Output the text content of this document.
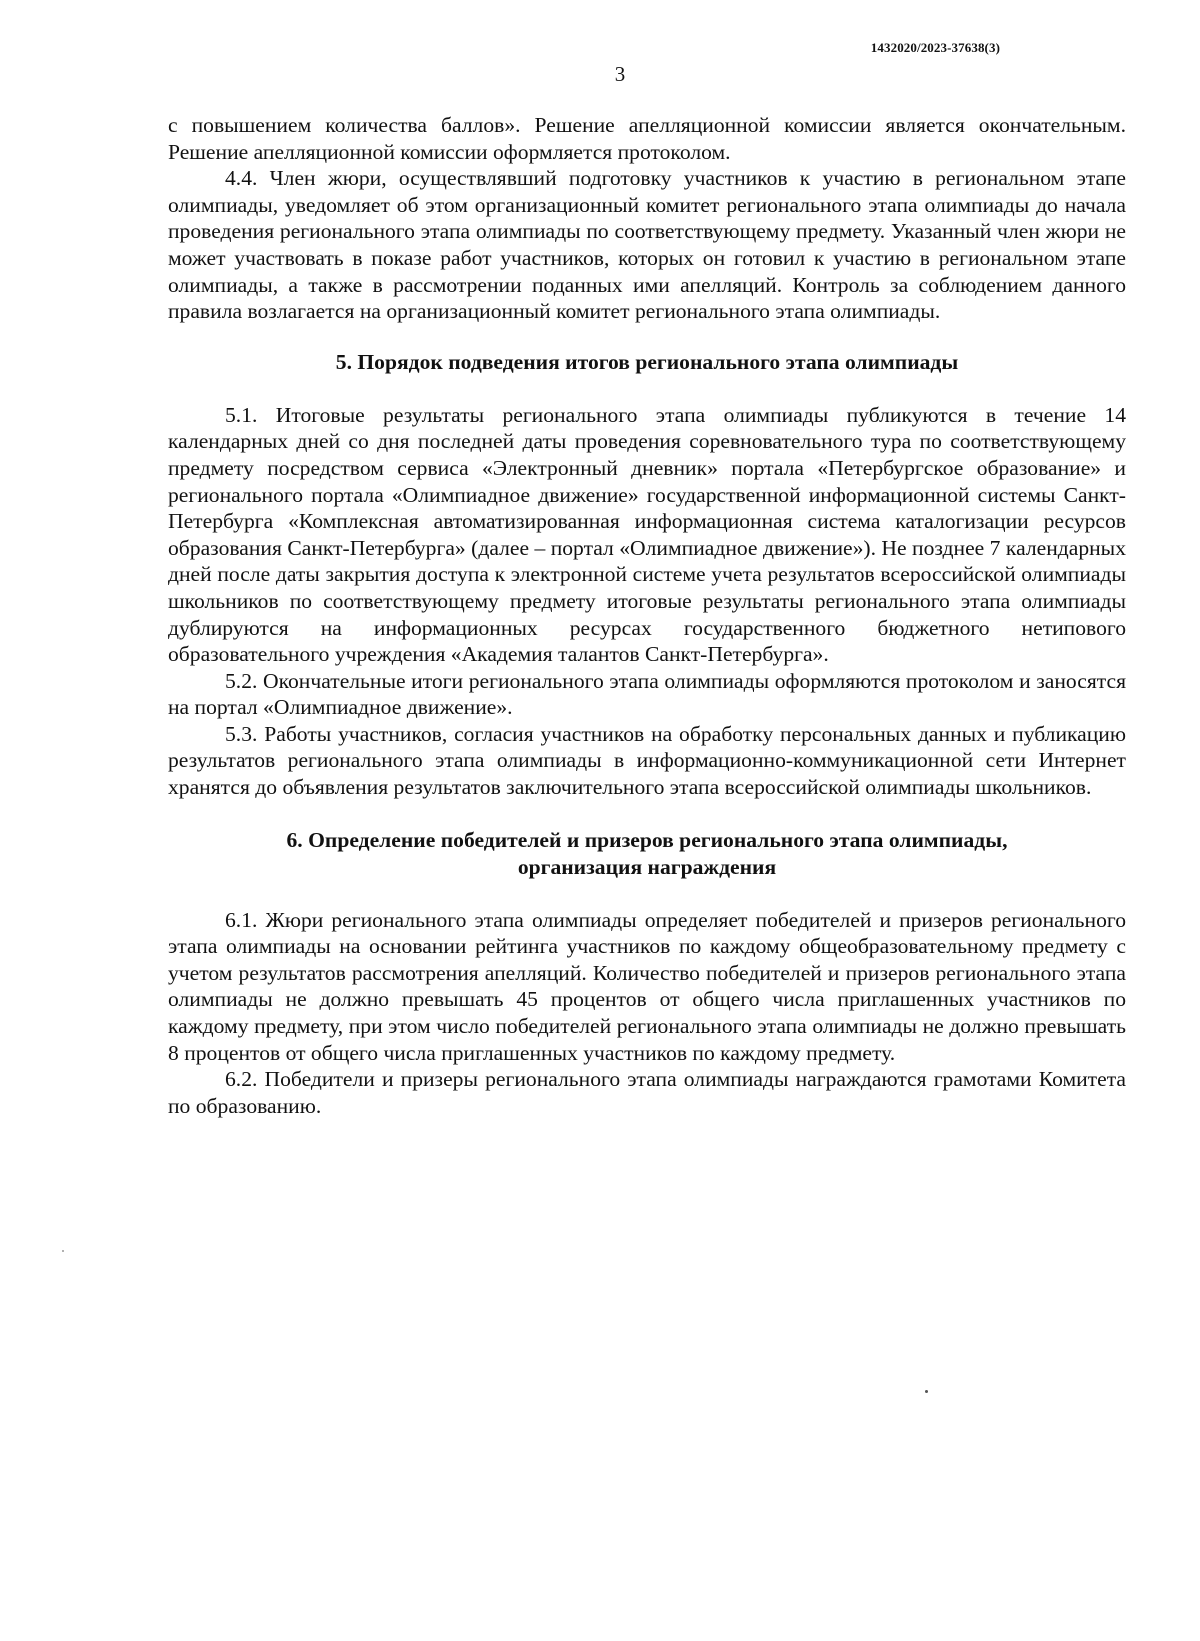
1432020/2023-37638(3)
3

с повышением количества баллов». Решение апелляционной комиссии является окончательным. Решение апелляционной комиссии оформляется протоколом.

4.4. Член жюри, осуществлявший подготовку участников к участию в региональном этапе олимпиады, уведомляет об этом организационный комитет регионального этапа олимпиады до начала проведения регионального этапа олимпиады по соответствующему предмету. Указанный член жюри не может участвовать в показе работ участников, которых он готовил к участию в региональном этапе олимпиады, а также в рассмотрении поданных ими апелляций. Контроль за соблюдением данного правила возлагается на организационный комитет регионального этапа олимпиады.

5. Порядок подведения итогов регионального этапа олимпиады

5.1. Итоговые результаты регионального этапа олимпиады публикуются в течение 14 календарных дней со дня последней даты проведения соревновательного тура по соответствующему предмету посредством сервиса «Электронный дневник» портала «Петербургское образование» и регионального портала «Олимпиадное движение» государственной информационной системы Санкт-Петербурга «Комплексная автоматизированная информационная система каталогизации ресурсов образования Санкт-Петербурга» (далее – портал «Олимпиадное движение»). Не позднее 7 календарных дней после даты закрытия доступа к электронной системе учета результатов всероссийской олимпиады школьников по соответствующему предмету итоговые результаты регионального этапа олимпиады дублируются на информационных ресурсах государственного бюджетного нетипового образовательного учреждения «Академия талантов Санкт-Петербурга».

5.2. Окончательные итоги регионального этапа олимпиады оформляются протоколом и заносятся на портал «Олимпиадное движение».

5.3. Работы участников, согласия участников на обработку персональных данных и публикацию результатов регионального этапа олимпиады в информационно-коммуникационной сети Интернет хранятся до объявления результатов заключительного этапа всероссийской олимпиады школьников.

6. Определение победителей и призеров регионального этапа олимпиады,
организация награждения

6.1. Жюри регионального этапа олимпиады определяет победителей и призеров регионального этапа олимпиады на основании рейтинга участников по каждому общеобразовательному предмету с учетом результатов рассмотрения апелляций. Количество победителей и призеров регионального этапа олимпиады не должно превышать 45 процентов от общего числа приглашенных участников по каждому предмету, при этом число победителей регионального этапа олимпиады не должно превышать 8 процентов от общего числа приглашенных участников по каждому предмету.

6.2. Победители и призеры регионального этапа олимпиады награждаются грамотами Комитета по образованию.
